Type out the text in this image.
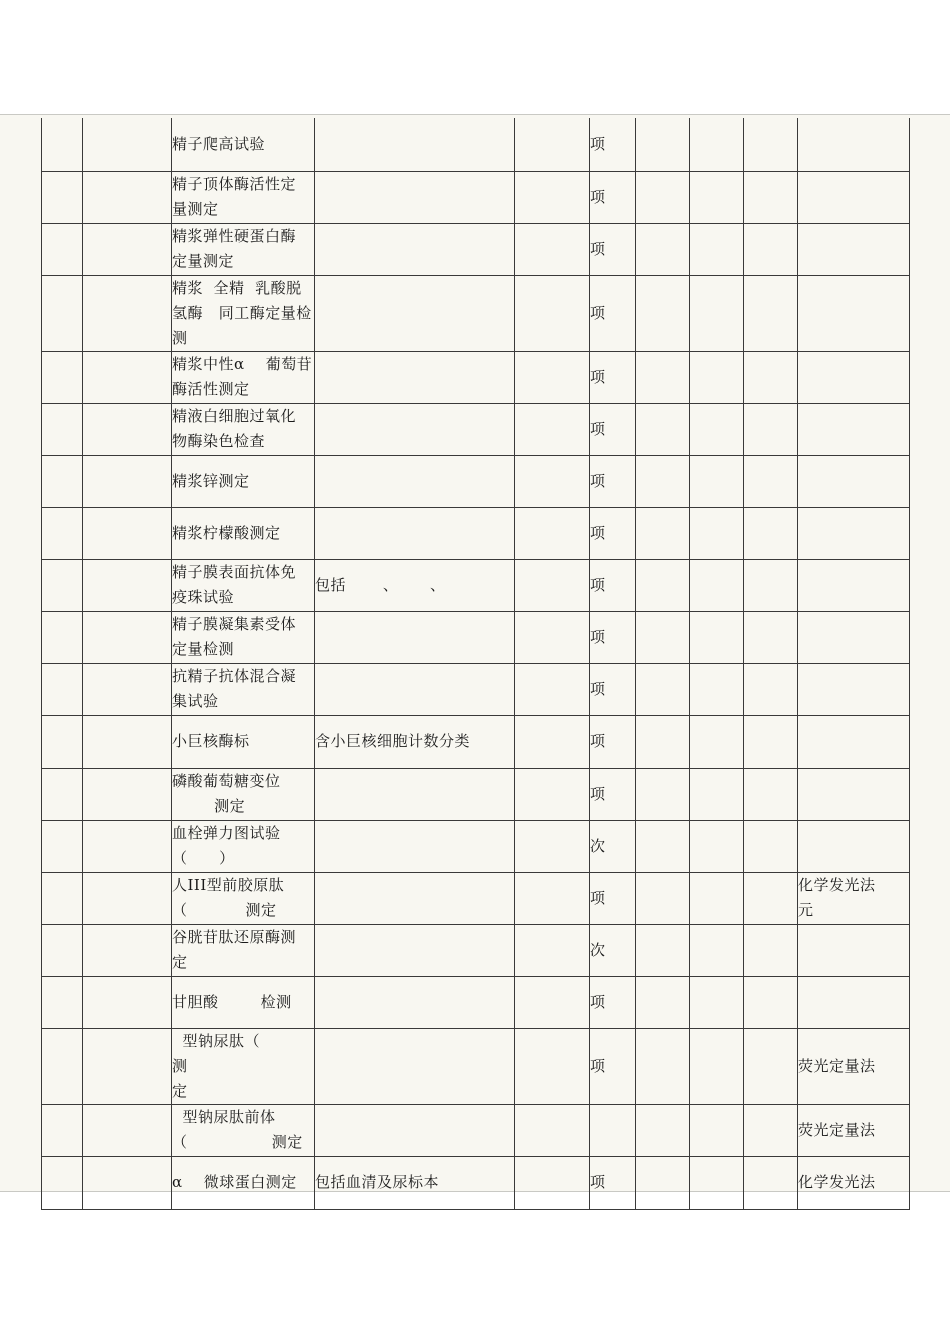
		精子爬高试验			项				
		精子顶体酶活性定
量测定			项				
		精浆弹性硬蛋白酶
定量测定			项				
		精浆  全精  乳酸脱
氢酶   同工酶定量检
测			项				
		精浆中性α    葡萄苷
酶活性测定			项				
		精液白细胞过氧化
物酶染色检查			项				
		精浆锌测定			项				
		精浆柠檬酸测定			项				
		精子膜表面抗体免
疫珠试验	包括       、      、		项				
		精子膜凝集素受体
定量检测			项				
		抗精子抗体混合凝
集试验			项				
		小巨核酶标	含小巨核细胞计数分类		项				
		磷酸葡萄糖变位
测定			项				
		血栓弹力图试验
（      ）			次				
		人III型前胶原肽
（           测定			项				化学发光法
元
		谷胱苷肽还原酶测
定			次				
		甘胆酸        检测			项				
		型钠尿肽（        测
定			项				荧光定量法
		型钠尿肽前体
（                测定							荧光定量法
		α    微球蛋白测定	包括血清及尿标本		项				化学发光法
